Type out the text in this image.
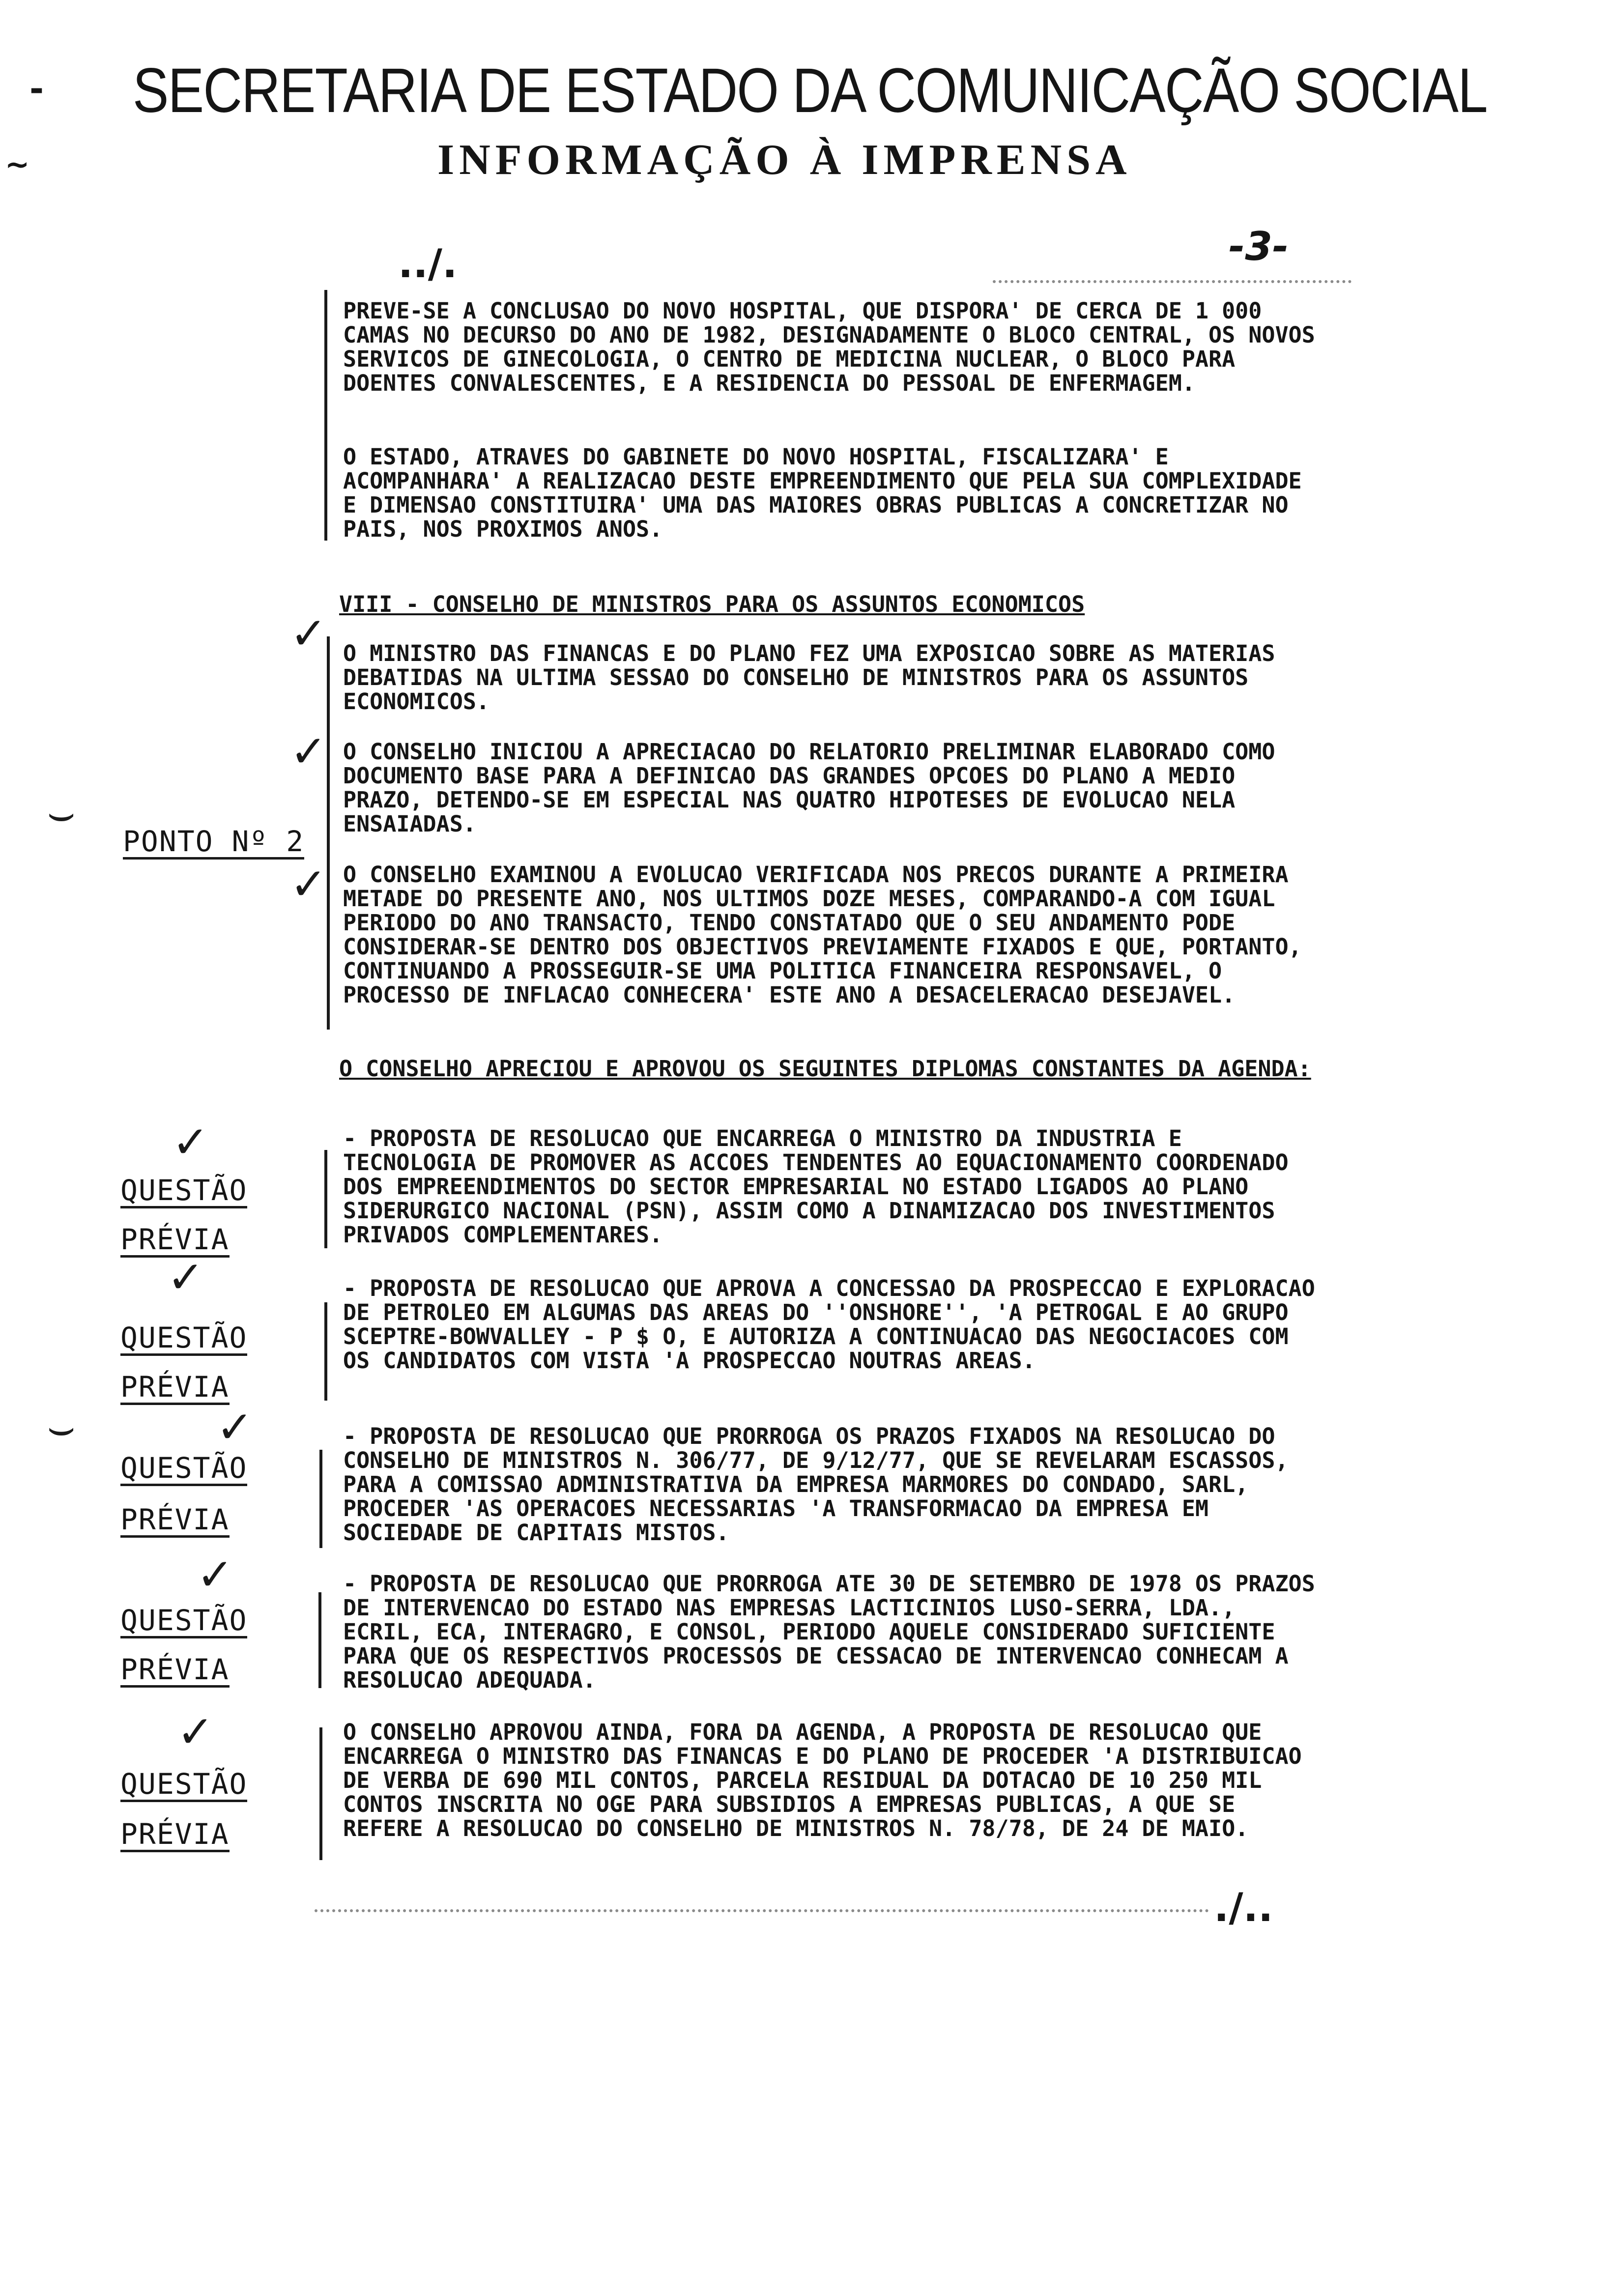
-
~
SECRETARIA DE ESTADO DA COMUNICAÇÃO SOCIAL
INFORMAÇÃO À IMPRENSA
../.	-3-
PREVE-SE A CONCLUSAO DO NOVO HOSPITAL, QUE DISPORA' DE CERCA DE 1 000 CAMAS NO DECURSO DO ANO DE 1982, DESIGNADAMENTE O BLOCO CENTRAL, OS NOVOS SERVICOS DE GINECOLOGIA, O CENTRO DE MEDICINA NUCLEAR, O BLOCO PARA DOENTES CONVALESCENTES, E A RESIDENCIA DO PESSOAL DE ENFERMAGEM.
O ESTADO, ATRAVES DO GABINETE DO NOVO HOSPITAL, FISCALIZARA' E ACOMPANHARA' A REALIZACAO DESTE EMPREENDIMENTO QUE PELA SUA COMPLEXIDADE E DIMENSAO CONSTITUIRA' UMA DAS MAIORES OBRAS PUBLICAS A CONCRETIZAR NO PAIS, NOS PROXIMOS ANOS.
VIII - CONSELHO DE MINISTROS PARA OS ASSUNTOS ECONOMICOS
✓ O MINISTRO DAS FINANCAS E DO PLANO FEZ UMA EXPOSICAO SOBRE AS MATERIAS DEBATIDAS NA ULTIMA SESSAO DO CONSELHO DE MINISTROS PARA OS ASSUNTOS ECONOMICOS.
✓ O CONSELHO INICIOU A APRECIACAO DO RELATORIO PRELIMINAR ELABORADO COMO DOCUMENTO BASE PARA A DEFINICAO DAS GRANDES OPCOES DO PLANO A MEDIO PRAZO, DETENDO-SE EM ESPECIAL NAS QUATRO HIPOTESES DE EVOLUCAO NELA ENSAIADAS.
⌣
PONTO Nº 2
✓ O CONSELHO EXAMINOU A EVOLUCAO VERIFICADA NOS PRECOS DURANTE A PRIMEIRA METADE DO PRESENTE ANO, NOS ULTIMOS DOZE MESES, COMPARANDO-A COM IGUAL PERIODO DO ANO TRANSACTO, TENDO CONSTATADO QUE O SEU ANDAMENTO PODE CONSIDERAR-SE DENTRO DOS OBJECTIVOS PREVIAMENTE FIXADOS E QUE, PORTANTO, CONTINUANDO A PROSSEGUIR-SE UMA POLITICA FINANCEIRA RESPONSAVEL, O PROCESSO DE INFLACAO CONHECERA' ESTE ANO A DESACELERACAO DESEJAVEL.
O CONSELHO APRECIOU E APROVOU OS SEGUINTES DIPLOMAS CONSTANTES DA AGENDA:
✓
QUESTÃO
PRÉVIA
- PROPOSTA DE RESOLUCAO QUE ENCARREGA O MINISTRO DA INDUSTRIA E TECNOLOGIA DE PROMOVER AS ACCOES TENDENTES AO EQUACIONAMENTO COORDENADO DOS EMPREENDIMENTOS DO SECTOR EMPRESARIAL NO ESTADO LIGADOS AO PLANO SIDERURGICO NACIONAL (PSN), ASSIM COMO A DINAMIZACAO DOS INVESTIMENTOS PRIVADOS COMPLEMENTARES.
✓
QUESTÃO
PRÉVIA
- PROPOSTA DE RESOLUCAO QUE APROVA A CONCESSAO DA PROSPECCAO E EXPLORACAO DE PETROLEO EM ALGUMAS DAS AREAS DO ''ONSHORE'', 'A PETROGAL E AO GRUPO SCEPTRE-BOWVALLEY - P $ O, E AUTORIZA A CONTINUACAO DAS NEGOCIACOES COM OS CANDIDATOS COM VISTA 'A PROSPECCAO NOUTRAS AREAS.
⌣	✓
QUESTÃO
PRÉVIA
- PROPOSTA DE RESOLUCAO QUE PRORROGA OS PRAZOS FIXADOS NA RESOLUCAO DO CONSELHO DE MINISTROS N. 306/77, DE 9/12/77, QUE SE REVELARAM ESCASSOS, PARA A COMISSAO ADMINISTRATIVA DA EMPRESA MARMORES DO CONDADO, SARL, PROCEDER 'AS OPERACOES NECESSARIAS 'A TRANSFORMACAO DA EMPRESA EM SOCIEDADE DE CAPITAIS MISTOS.
✓
QUESTÃO
PRÉVIA
- PROPOSTA DE RESOLUCAO QUE PRORROGA ATE 30 DE SETEMBRO DE 1978 OS PRAZOS DE INTERVENCAO DO ESTADO NAS EMPRESAS LACTICINIOS LUSO-SERRA, LDA., ECRIL, ECA, INTERAGRO, E CONSOL, PERIODO AQUELE CONSIDERADO SUFICIENTE PARA QUE OS RESPECTIVOS PROCESSOS DE CESSACAO DE INTERVENCAO CONHECAM A RESOLUCAO ADEQUADA.
✓
QUESTÃO
PRÉVIA
O CONSELHO APROVOU AINDA, FORA DA AGENDA, A PROPOSTA DE RESOLUCAO QUE ENCARREGA O MINISTRO DAS FINANCAS E DO PLANO DE PROCEDER 'A DISTRIBUICAO DE VERBA DE 690 MIL CONTOS, PARCELA RESIDUAL DA DOTACAO DE 10 250 MIL CONTOS INSCRITA NO OGE PARA SUBSIDIOS A EMPRESAS PUBLICAS, A QUE SE REFERE A RESOLUCAO DO CONSELHO DE MINISTROS N. 78/78, DE 24 DE MAIO.
./..
